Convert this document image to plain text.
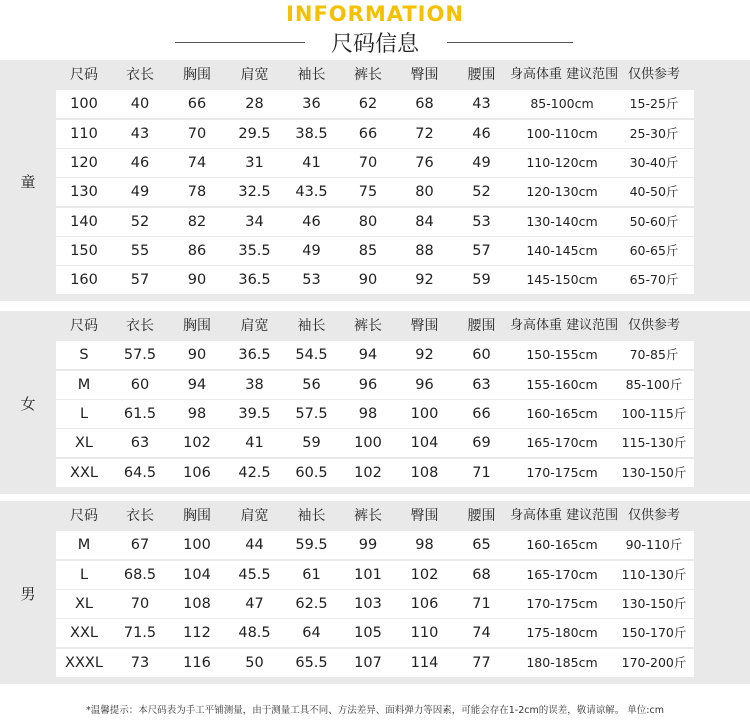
INFORMATION
尺码信息
童
尺码	衣长	胸围	肩宽	袖长	裤长	臀围	腰围	身高体重 建议范围 仅供参考
100	40	66	28	36	62	68	43	85-100cm	15-25斤
110	43	70	29.5	38.5	66	72	46	100-110cm	25-30斤
120	46	74	31	41	70	76	49	110-120cm	30-40斤
130	49	78	32.5	43.5	75	80	52	120-130cm	40-50斤
140	52	82	34	46	80	84	53	130-140cm	50-60斤
150	55	86	35.5	49	85	88	57	140-145cm	60-65斤
160	57	90	36.5	53	90	92	59	145-150cm	65-70斤
女
尺码	衣长	胸围	肩宽	袖长	裤长	臀围	腰围	身高体重 建议范围 仅供参考
S	57.5	90	36.5	54.5	94	92	60	150-155cm	70-85斤
M	60	94	38	56	96	96	63	155-160cm	85-100斤
L	61.5	98	39.5	57.5	98	100	66	160-165cm	100-115斤
XL	63	102	41	59	100	104	69	165-170cm	115-130斤
XXL	64.5	106	42.5	60.5	102	108	71	170-175cm	130-150斤
男
尺码	衣长	胸围	肩宽	袖长	裤长	臀围	腰围	身高体重 建议范围 仅供参考
M	67	100	44	59.5	99	98	65	160-165cm	90-110斤
L	68.5	104	45.5	61	101	102	68	165-170cm	110-130斤
XL	70	108	47	62.5	103	106	71	170-175cm	130-150斤
XXL	71.5	112	48.5	64	105	110	74	175-180cm	150-170斤
XXXL	73	116	50	65.5	107	114	77	180-185cm	170-200斤
*温馨提示：本尺码表为手工平铺测量，由于测量工具不同、方法差异、面料弹力等因素，可能会存在1-2cm的误差，敬请谅解。 单位:cm
